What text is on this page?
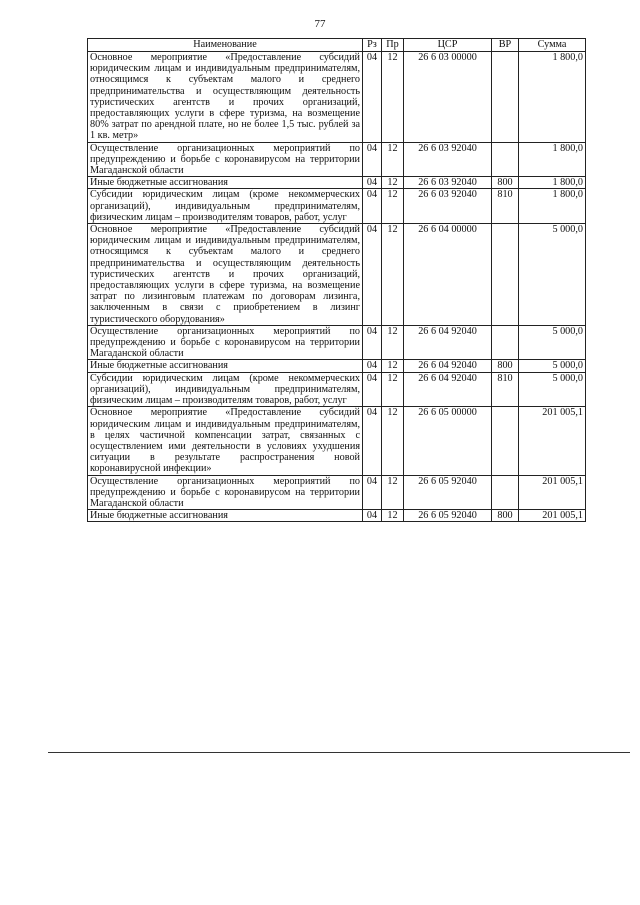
77
Наименование	Рз	Пр	ЦСР	ВР	Сумма
Основное мероприятие «Предоставление субсидий юридическим лицам и индивидуальным предпринимателям, относящимся к субъектам малого и среднего предпринимательства и осуществляющим деятельность туристических агентств и прочих организаций, предоставляющих услуги в сфере туризма, на возмещение 80% затрат по арендной плате, но не более 1,5 тыс. рублей за 1 кв. метр»	04	12	26 6 03 00000		1 800,0
Осуществление организационных мероприятий по предупреждению и борьбе с коронавирусом на территории Магаданской области	04	12	26 6 03 92040		1 800,0
Иные бюджетные ассигнования	04	12	26 6 03 92040	800	1 800,0
Субсидии юридическим лицам (кроме некоммерческих организаций), индивидуальным предпринимателям, физическим лицам – производителям товаров, работ, услуг	04	12	26 6 03 92040	810	1 800,0
Основное мероприятие «Предоставление субсидий юридическим лицам и индивидуальным предпринимателям, относящимся к субъектам малого и среднего предпринимательства и осуществляющим деятельность туристических агентств и прочих организаций, предоставляющих услуги в сфере туризма, на возмещение затрат по лизинговым платежам по договорам лизинга, заключенным в связи с приобретением в лизинг туристического оборудования»	04	12	26 6 04 00000		5 000,0
Осуществление организационных мероприятий по предупреждению и борьбе с коронавирусом на территории Магаданской области	04	12	26 6 04 92040		5 000,0
Иные бюджетные ассигнования	04	12	26 6 04 92040	800	5 000,0
Субсидии юридическим лицам (кроме некоммерческих организаций), индивидуальным предпринимателям, физическим лицам – производителям товаров, работ, услуг	04	12	26 6 04 92040	810	5 000,0
Основное мероприятие «Предоставление субсидий юридическим лицам и индивидуальным предпринимателям, в целях частичной компенсации затрат, связанных с осуществлением ими деятельности в условиях ухудшения ситуации в результате распространения новой коронавирусной инфекции»	04	12	26 6 05 00000		201 005,1
Осуществление организационных мероприятий по предупреждению и борьбе с коронавирусом на территории Магаданской области	04	12	26 6 05 92040		201 005,1
Иные бюджетные ассигнования	04	12	26 6 05 92040	800	201 005,1
